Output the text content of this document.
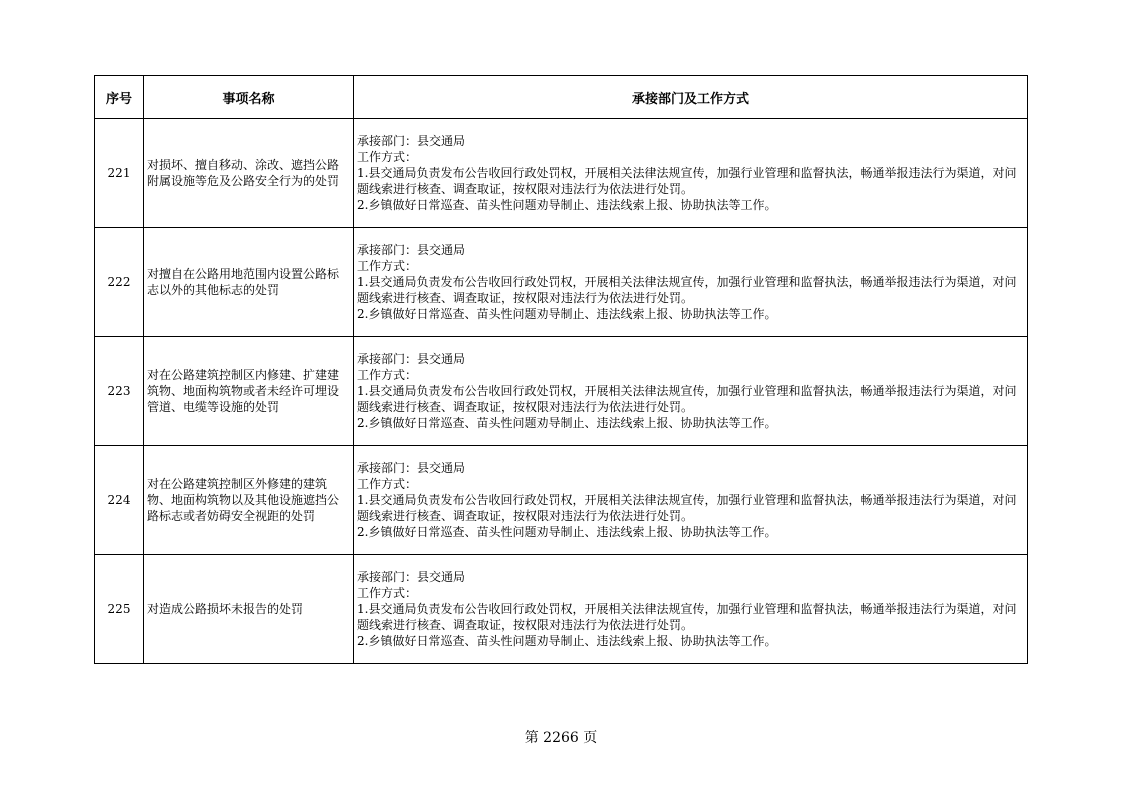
序号	事项名称	承接部门及工作方式
221	对损坏、擅自移动、涂改、遮挡公路附属设施等危及公路安全行为的处罚	承接部门：县交通局
工作方式：
1.县交通局负责发布公告收回行政处罚权，开展相关法律法规宣传，加强行业管理和监督执法，畅通举报违法行为渠道，对问题线索进行核查、调查取证，按权限对违法行为依法进行处罚。
2.乡镇做好日常巡查、苗头性问题劝导制止、违法线索上报、协助执法等工作。

222	对擅自在公路用地范围内设置公路标志以外的其他标志的处罚	承接部门：县交通局
工作方式：
1.县交通局负责发布公告收回行政处罚权，开展相关法律法规宣传，加强行业管理和监督执法，畅通举报违法行为渠道，对问题线索进行核查、调查取证，按权限对违法行为依法进行处罚。
2.乡镇做好日常巡查、苗头性问题劝导制止、违法线索上报、协助执法等工作。

223	对在公路建筑控制区内修建、扩建建筑物、地面构筑物或者未经许可埋设管道、电缆等设施的处罚	承接部门：县交通局
工作方式：
1.县交通局负责发布公告收回行政处罚权，开展相关法律法规宣传，加强行业管理和监督执法，畅通举报违法行为渠道，对问题线索进行核查、调查取证，按权限对违法行为依法进行处罚。
2.乡镇做好日常巡查、苗头性问题劝导制止、违法线索上报、协助执法等工作。

224	对在公路建筑控制区外修建的建筑物、地面构筑物以及其他设施遮挡公路标志或者妨碍安全视距的处罚	承接部门：县交通局
工作方式：
1.县交通局负责发布公告收回行政处罚权，开展相关法律法规宣传，加强行业管理和监督执法，畅通举报违法行为渠道，对问题线索进行核查、调查取证，按权限对违法行为依法进行处罚。
2.乡镇做好日常巡查、苗头性问题劝导制止、违法线索上报、协助执法等工作。

225	对造成公路损坏未报告的处罚	承接部门：县交通局
工作方式：
1.县交通局负责发布公告收回行政处罚权，开展相关法律法规宣传，加强行业管理和监督执法，畅通举报违法行为渠道，对问题线索进行核查、调查取证，按权限对违法行为依法进行处罚。
2.乡镇做好日常巡查、苗头性问题劝导制止、违法线索上报、协助执法等工作。
第 2266 页
